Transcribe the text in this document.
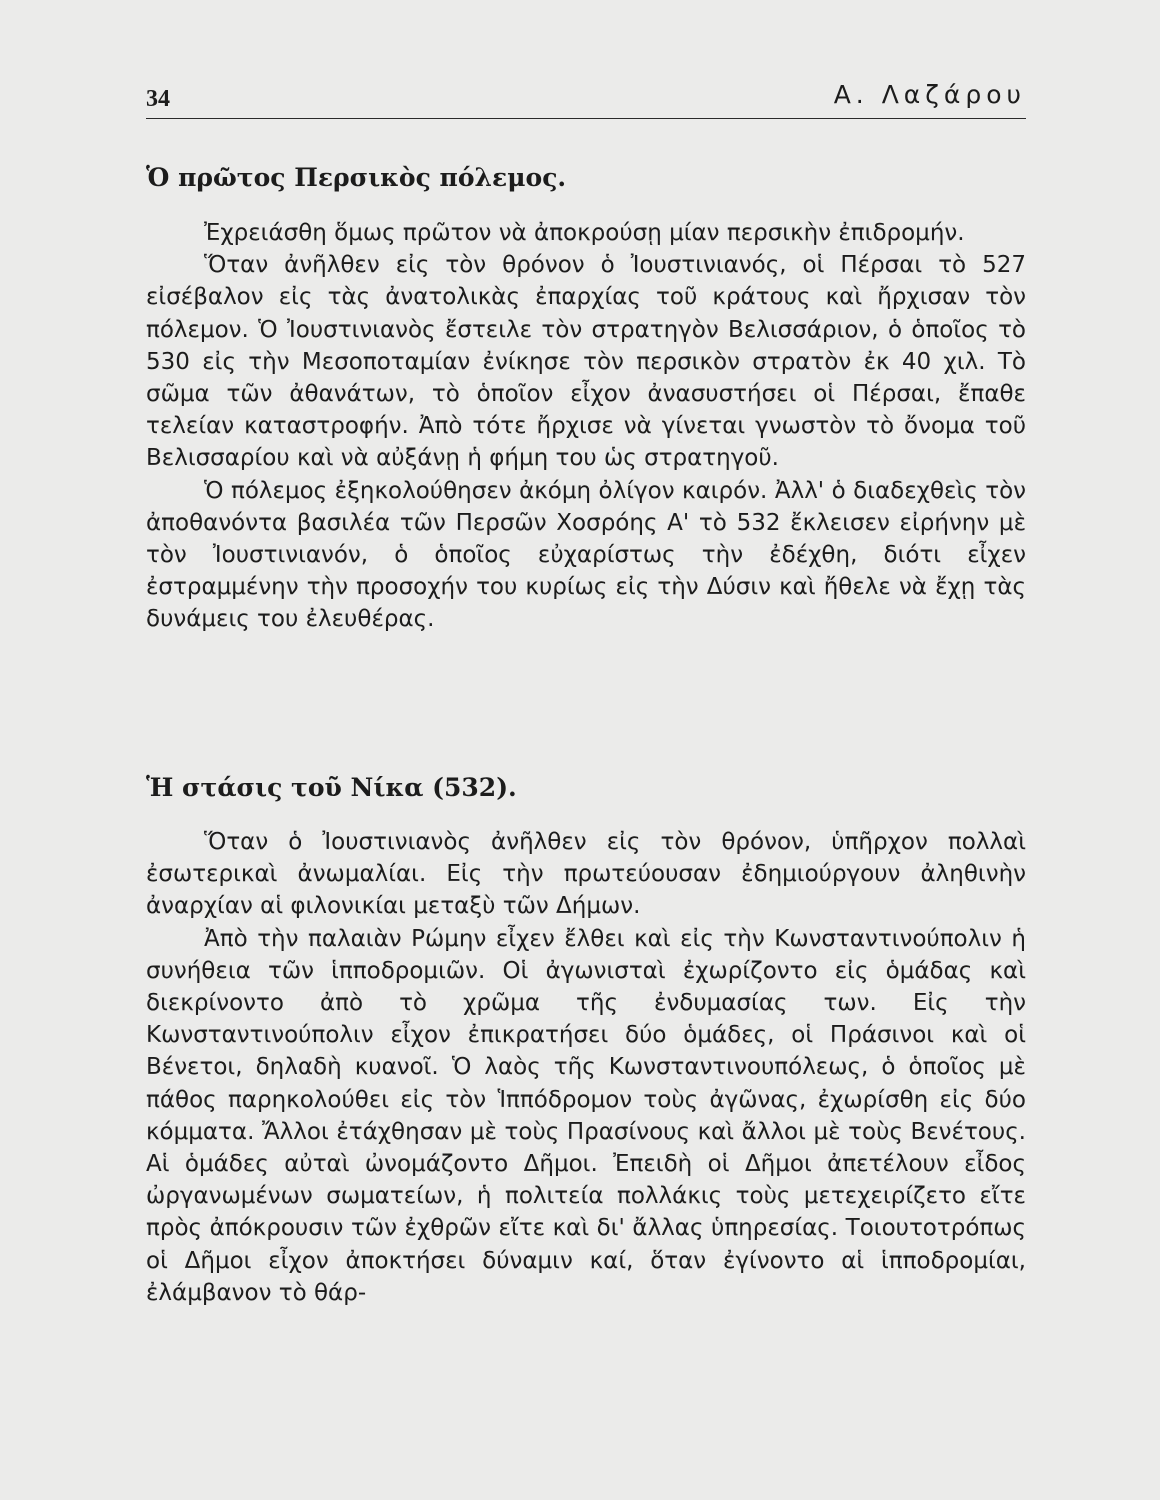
34	Α. Λαζάρου
Ὁ πρῶτος Περσικὸς πόλεμος.

Ἐχρειάσθη ὅμως πρῶτον νὰ ἀποκρούσῃ μίαν περσικὴν ἐπιδρομήν.

Ὅταν ἀνῆλθεν εἰς τὸν θρόνον ὁ Ἰουστινιανός, οἱ Πέρσαι τὸ 527 εἰσέβαλον εἰς τὰς ἀνατολικὰς ἐπαρχίας τοῦ κράτους καὶ ἤρχισαν τὸν πόλεμον. Ὁ Ἰουστινιανὸς ἔστειλε τὸν στρατηγὸν Βελισσάριον, ὁ ὁποῖος τὸ 530 εἰς τὴν Μεσοποταμίαν ἐνίκησε τὸν περσικὸν στρατὸν ἐκ 40 χιλ. Τὸ σῶμα τῶν ἀθανάτων, τὸ ὁποῖον εἶχον ἀνασυστήσει οἱ Πέρσαι, ἔπαθε τελείαν καταστροφήν. Ἀπὸ τότε ἤρχισε νὰ γίνεται γνωστὸν τὸ ὄνομα τοῦ Βελισσαρίου καὶ νὰ αὐξάνῃ ἡ φήμη του ὡς στρατηγοῦ.

Ὁ πόλεμος ἐξηκολούθησεν ἀκόμη ὀλίγον καιρόν. Ἀλλ' ὁ διαδεχθεὶς τὸν ἀποθανόντα βασιλέα τῶν Περσῶν Χοσρόης Α' τὸ 532 ἔκλεισεν εἰρήνην μὲ τὸν Ἰουστινιανόν, ὁ ὁποῖος εὐχαρίστως τὴν ἐδέχθη, διότι εἶχεν ἐστραμμένην τὴν προσοχήν του κυρίως εἰς τὴν Δύσιν καὶ ἤθελε νὰ ἔχῃ τὰς δυνάμεις του ἐλευθέρας.

Ἡ στάσις τοῦ Νίκα (532).

Ὅταν ὁ Ἰουστινιανὸς ἀνῆλθεν εἰς τὸν θρόνον, ὑπῆρχον πολλαὶ ἐσωτερικαὶ ἀνωμαλίαι. Εἰς τὴν πρωτεύουσαν ἐδημιούργουν ἀληθινὴν ἀναρχίαν αἱ φιλονικίαι μεταξὺ τῶν Δήμων.

Ἀπὸ τὴν παλαιὰν Ρώμην εἶχεν ἔλθει καὶ εἰς τὴν Κωνσταντινούπολιν ἡ συνήθεια τῶν ἱπποδρομιῶν. Οἱ ἀγωνισταὶ ἐχωρίζοντο εἰς ὁμάδας καὶ διεκρίνοντο ἀπὸ τὸ χρῶμα τῆς ἐνδυμασίας των. Εἰς τὴν Κωνσταντινούπολιν εἶχον ἐπικρατήσει δύο ὁμάδες, οἱ Πράσινοι καὶ οἱ Βένετοι, δηλαδὴ κυανοῖ. Ὁ λαὸς τῆς Κωνσταντινουπόλεως, ὁ ὁποῖος μὲ πάθος παρηκολούθει εἰς τὸν Ἱππόδρομον τοὺς ἀγῶνας, ἐχωρίσθη εἰς δύο κόμματα. Ἄλλοι ἐτάχθησαν μὲ τοὺς Πρασίνους καὶ ἄλλοι μὲ τοὺς Βενέτους. Αἱ ὁμάδες αὐταὶ ὠνομάζοντο Δῆμοι. Ἐπειδὴ οἱ Δῆμοι ἀπετέλουν εἶδος ὠργανωμένων σωματείων, ἡ πολιτεία πολλάκις τοὺς μετεχειρίζετο εἴτε πρὸς ἀπόκρουσιν τῶν ἐχθρῶν εἴτε καὶ δι' ἄλλας ὑπηρεσίας. Τοιουτοτρόπως οἱ Δῆμοι εἶχον ἀποκτήσει δύναμιν καί, ὅταν ἐγίνοντο αἱ ἱπποδρομίαι, ἐλάμβανον τὸ θάρ-
